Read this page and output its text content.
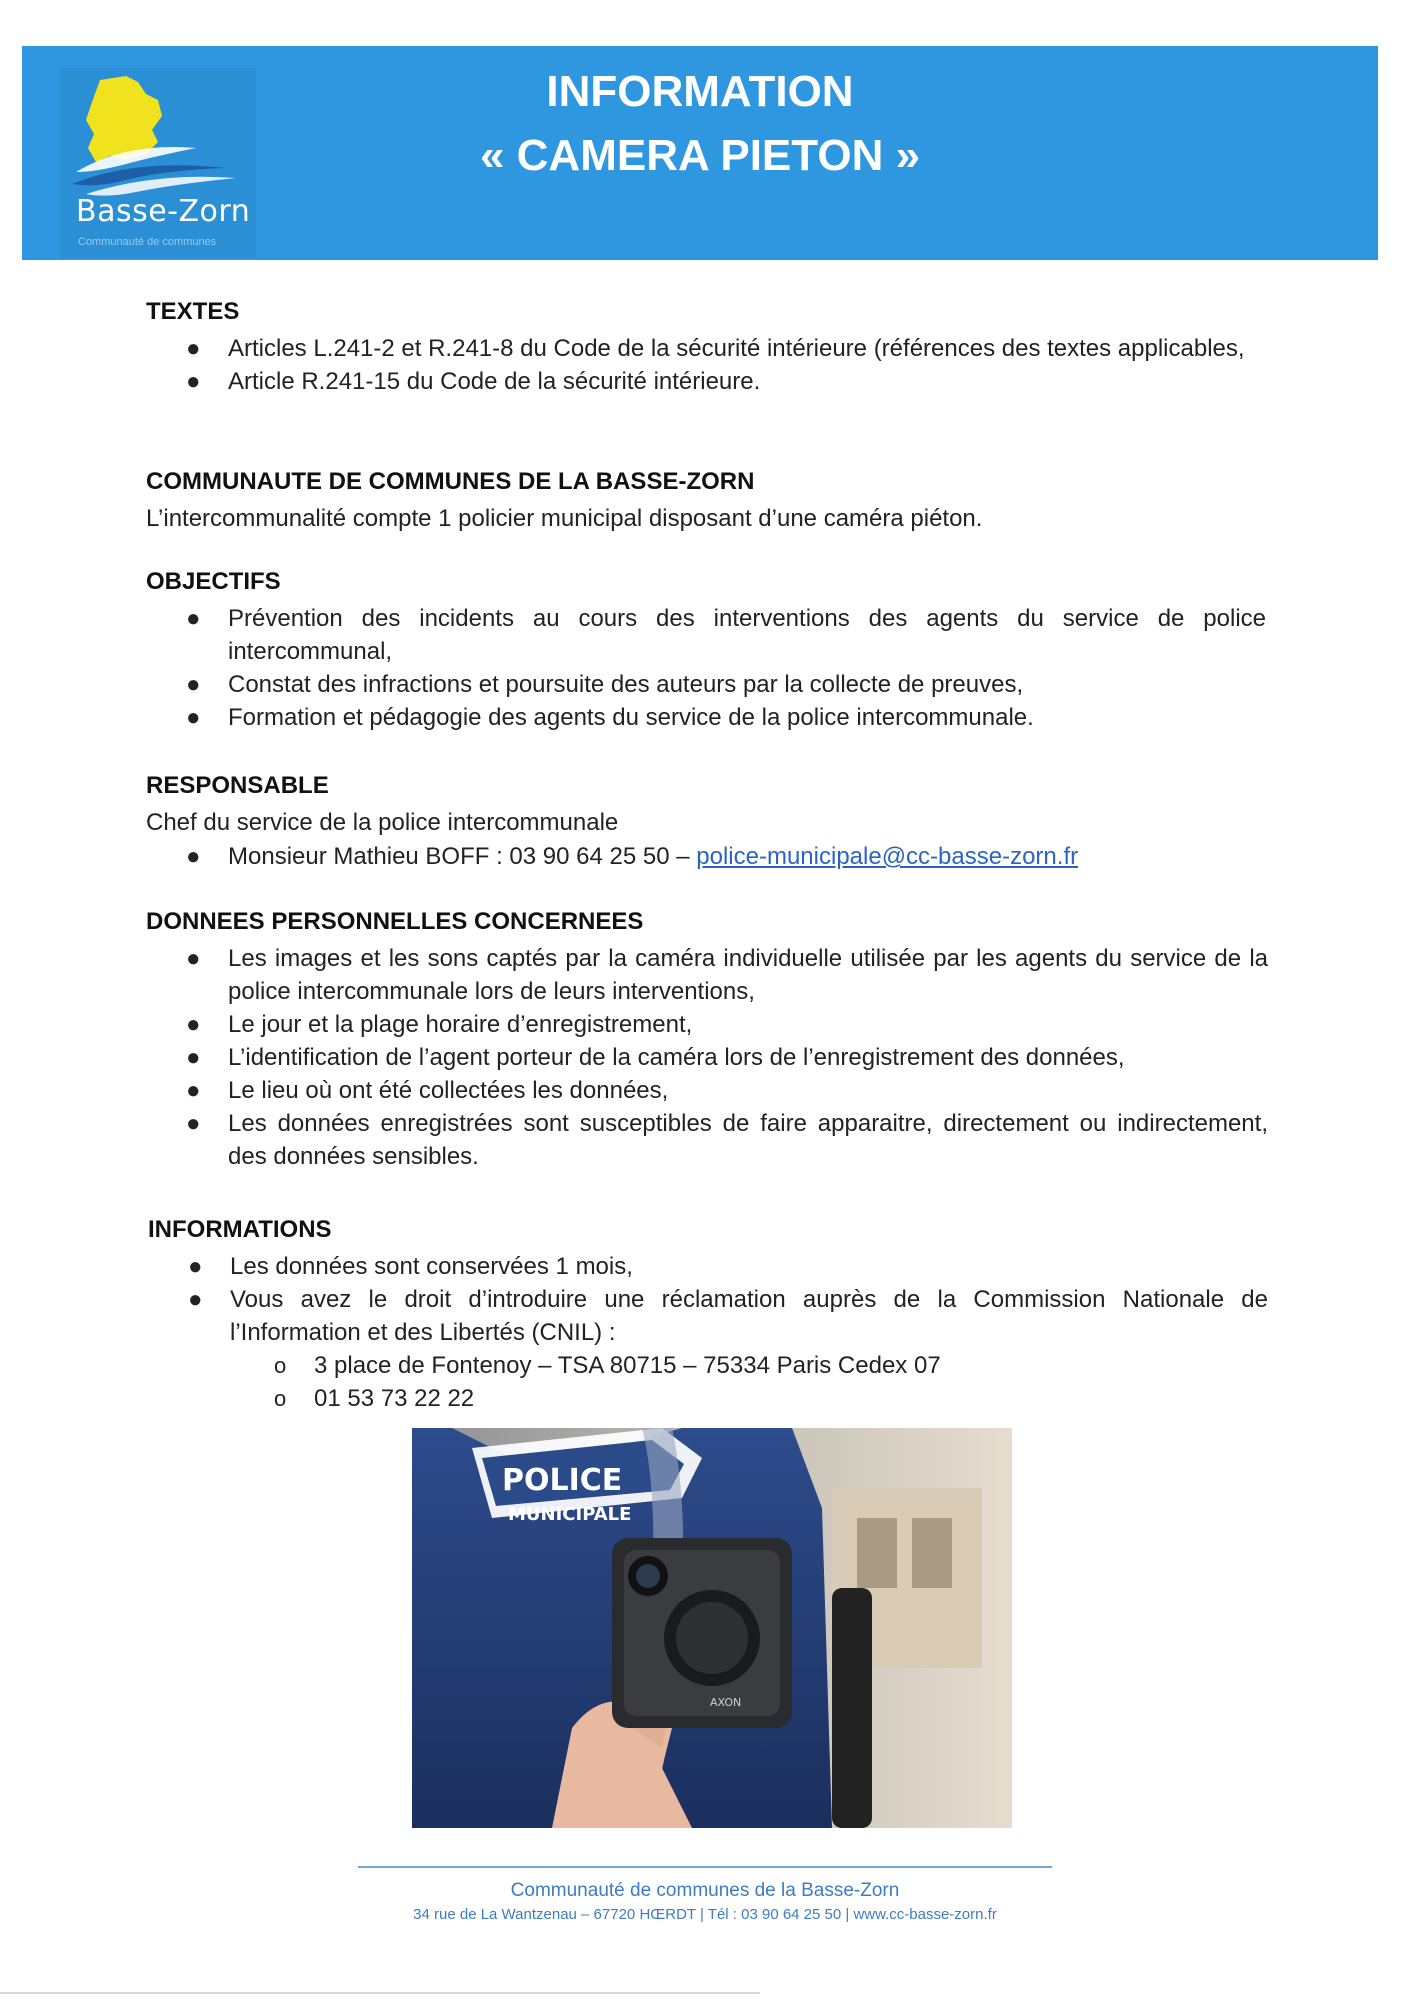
Basse-Zorn
Communauté de communes
INFORMATION
« CAMERA PIETON »
TEXTES
● Articles L.241-2 et R.241-8 du Code de la sécurité intérieure (références des textes applicables,
● Article R.241-15 du Code de la sécurité intérieure.
COMMUNAUTE DE COMMUNES DE LA BASSE-ZORN
L’intercommunalité compte 1 policier municipal disposant d’une caméra piéton.
OBJECTIFS
● Prévention des incidents au cours des interventions des agents du service de police intercommunal,
● Constat des infractions et poursuite des auteurs par la collecte de preuves,
● Formation et pédagogie des agents du service de la police intercommunale.
RESPONSABLE
Chef du service de la police intercommunale
● Monsieur Mathieu BOFF : 03 90 64 25 50 – police-municipale@cc-basse-zorn.fr
DONNEES PERSONNELLES CONCERNEES
● Les images et les sons captés par la caméra individuelle utilisée par les agents du service de la police intercommunale lors de leurs interventions,
● Le jour et la plage horaire d’enregistrement,
● L’identification de l’agent porteur de la caméra lors de l’enregistrement des données,
● Le lieu où ont été collectées les données,
● Les données enregistrées sont susceptibles de faire apparaitre, directement ou indirectement, des données sensibles.
INFORMATIONS
● Les données sont conservées 1 mois,
● Vous avez le droit d’introduire une réclamation auprès de la Commission Nationale de l’Information et des Libertés (CNIL) :
o 3 place de Fontenoy – TSA 80715 – 75334 Paris Cedex 07
o 01 53 73 22 22
POLICE
MUNICIPALE
AXON
Communauté de communes de la Basse-Zorn
34 rue de La Wantzenau – 67720 HŒRDT | Tél : 03 90 64 25 50 | www.cc-basse-zorn.fr
